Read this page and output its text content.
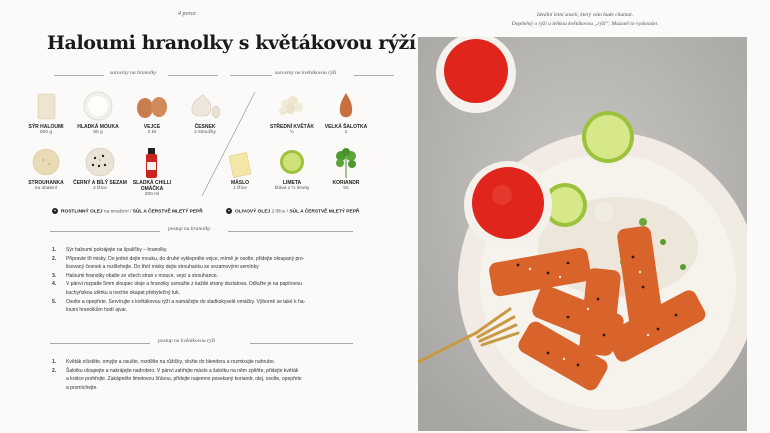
4 porce
Haloumi hranolky s květákovou rýží
Ideální letní snack, který vám bude chutnat.
Doplněný o rýži a lehkou květákovou „rýží“. Mazaně to vyzkoušet.
suroviny na hranolky	suroviny na květákovou rýži
SÝR HALOUMI
500 g
HLADKÁ MOUKA
50 g
VEJCE
2 ks
ČESNEK
2 stroužky
STROUHANKA
na obalení
ČERNÝ A BÍLÝ SEZAM
2 lžíce
SLADKÁ CHILLI OMÁČKA
200 ml
STŘEDNÍ KVĚTÁK
½
VELKÁ ŠALOTKA
1
MÁSLO
1 lžíce
LIMETA
šťáva z ½ limety
KORIANDR
trs
+ ROSTLINNÝ OLEJ na smažení / SŮL A ČERSTVĚ MLETÝ PEPŘ	+ OLIVOVÝ OLEJ 2 lžíce / SŮL A ČERSTVĚ MLETÝ PEPŘ
postup na hranolky
1. Sýr haloumi pokrájejte na špalíčky – hranolky.
2. Připravte tři misky. Do jedné dejte mouku, do druhé vyklepněte vejce, mírně je osolte, přidejte oloupaný pro-
lisovaný česnek a rozšlehejte. Do třetí misky dejte strouhanku se sezamovými semínky.
3. Haloumi hranolky obalte ze všech stran v mouce, vejci a strouhance.
4. V pánvi rozpalte 5mm sloupec oleje a hranolky osmažte z každé strany dozlatova. Odložte je na papírovou
kuchyňskou utěrku a nechte okapat přebytečný tuk.
5. Osolte a opepřete. Servírujte s květákovou rýží a namáčejte do sladkokyselé omáčky. Výborně se také k ha-
loumi hranolkům hodí ajvar.
postup na květákovou rýži
1. Květák očistěte, omyjte a osušte, rozdělte na růžičky, vložte do blenderu a rozmixujte nahrubo.
2. Šalotku oloupejte a nakrájejte nadrobno. V pánvi zahřejte máslo a šalotku na něm zpěňte, přidejte květák
a krátce prohřejte. Zakápněte limetovou šťávou, přidejte najemno posekaný koriandr, olej, osolte, opepřete
a promíchejte.
